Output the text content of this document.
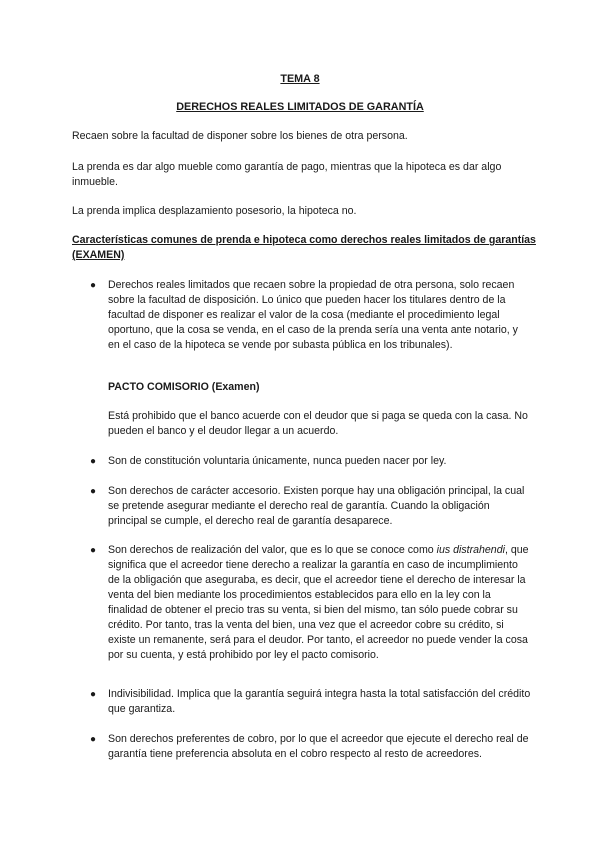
TEMA 8
DERECHOS REALES LIMITADOS DE GARANTÍA
Recaen sobre la facultad de disponer sobre los bienes de otra persona.
La prenda es dar algo mueble como garantía de pago, mientras que la hipoteca es dar algo inmueble.
La prenda implica desplazamiento posesorio, la hipoteca no.
Características comunes de prenda e hipoteca como derechos reales limitados de garantías (EXAMEN)
●	Derechos reales limitados que recaen sobre la propiedad de otra persona, solo recaen sobre la facultad de disposición. Lo único que pueden hacer los titulares dentro de la facultad de disponer es realizar el valor de la cosa (mediante el procedimiento legal oportuno, que la cosa se venda, en el caso de la prenda sería una venta ante notario, y en el caso de la hipoteca se vende por subasta pública en los tribunales).
PACTO COMISORIO (Examen)
Está prohibido que el banco acuerde con el deudor que si paga se queda con la casa. No pueden el banco y el deudor llegar a un acuerdo.
●	Son de constitución voluntaria únicamente, nunca pueden nacer por ley.
●	Son derechos de carácter accesorio. Existen porque hay una obligación principal, la cual se pretende asegurar mediante el derecho real de garantía. Cuando la obligación principal se cumple, el derecho real de garantía desaparece.
●	Son derechos de realización del valor, que es lo que se conoce como ius distrahendi, que significa que el acreedor tiene derecho a realizar la garantía en caso de incumplimiento de la obligación que aseguraba, es decir, que el acreedor tiene el derecho de interesar la venta del bien mediante los procedimientos establecidos para ello en la ley con la finalidad de obtener el precio tras su venta, si bien del mismo, tan sólo puede cobrar su crédito. Por tanto, tras la venta del bien, una vez que el acreedor cobre su crédito, si existe un remanente, será para el deudor. Por tanto, el acreedor no puede vender la cosa por su cuenta, y está prohibido por ley el pacto comisorio.
●	Indivisibilidad. Implica que la garantía seguirá integra hasta la total satisfacción del crédito que garantiza.
●	Son derechos preferentes de cobro, por lo que el acreedor que ejecute el derecho real de garantía tiene preferencia absoluta en el cobro respecto al resto de acreedores.
